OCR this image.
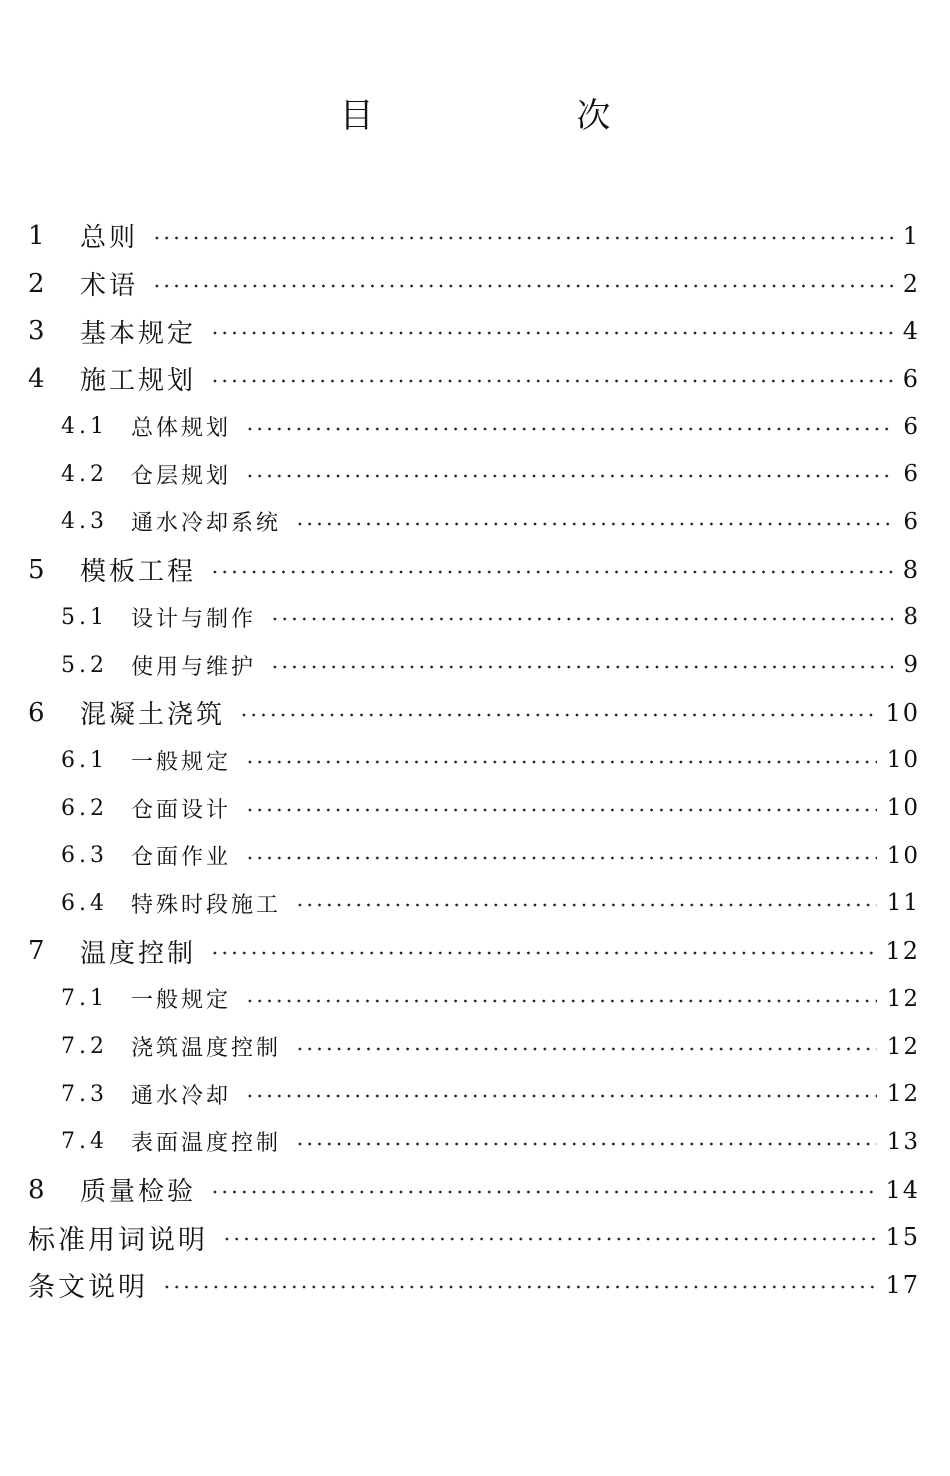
目 次
1	总则	1
2	术语	2
3	基本规定	4
4	施工规划	6
4.1	总体规划	6
4.2	仓层规划	6
4.3	通水冷却系统	6
5	模板工程	8
5.1	设计与制作	8
5.2	使用与维护	9
6	混凝土浇筑	10
6.1	一般规定	10
6.2	仓面设计	10
6.3	仓面作业	10
6.4	特殊时段施工	11
7	温度控制	12
7.1	一般规定	12
7.2	浇筑温度控制	12
7.3	通水冷却	12
7.4	表面温度控制	13
8	质量检验	14
标准用词说明	15
条文说明	17
